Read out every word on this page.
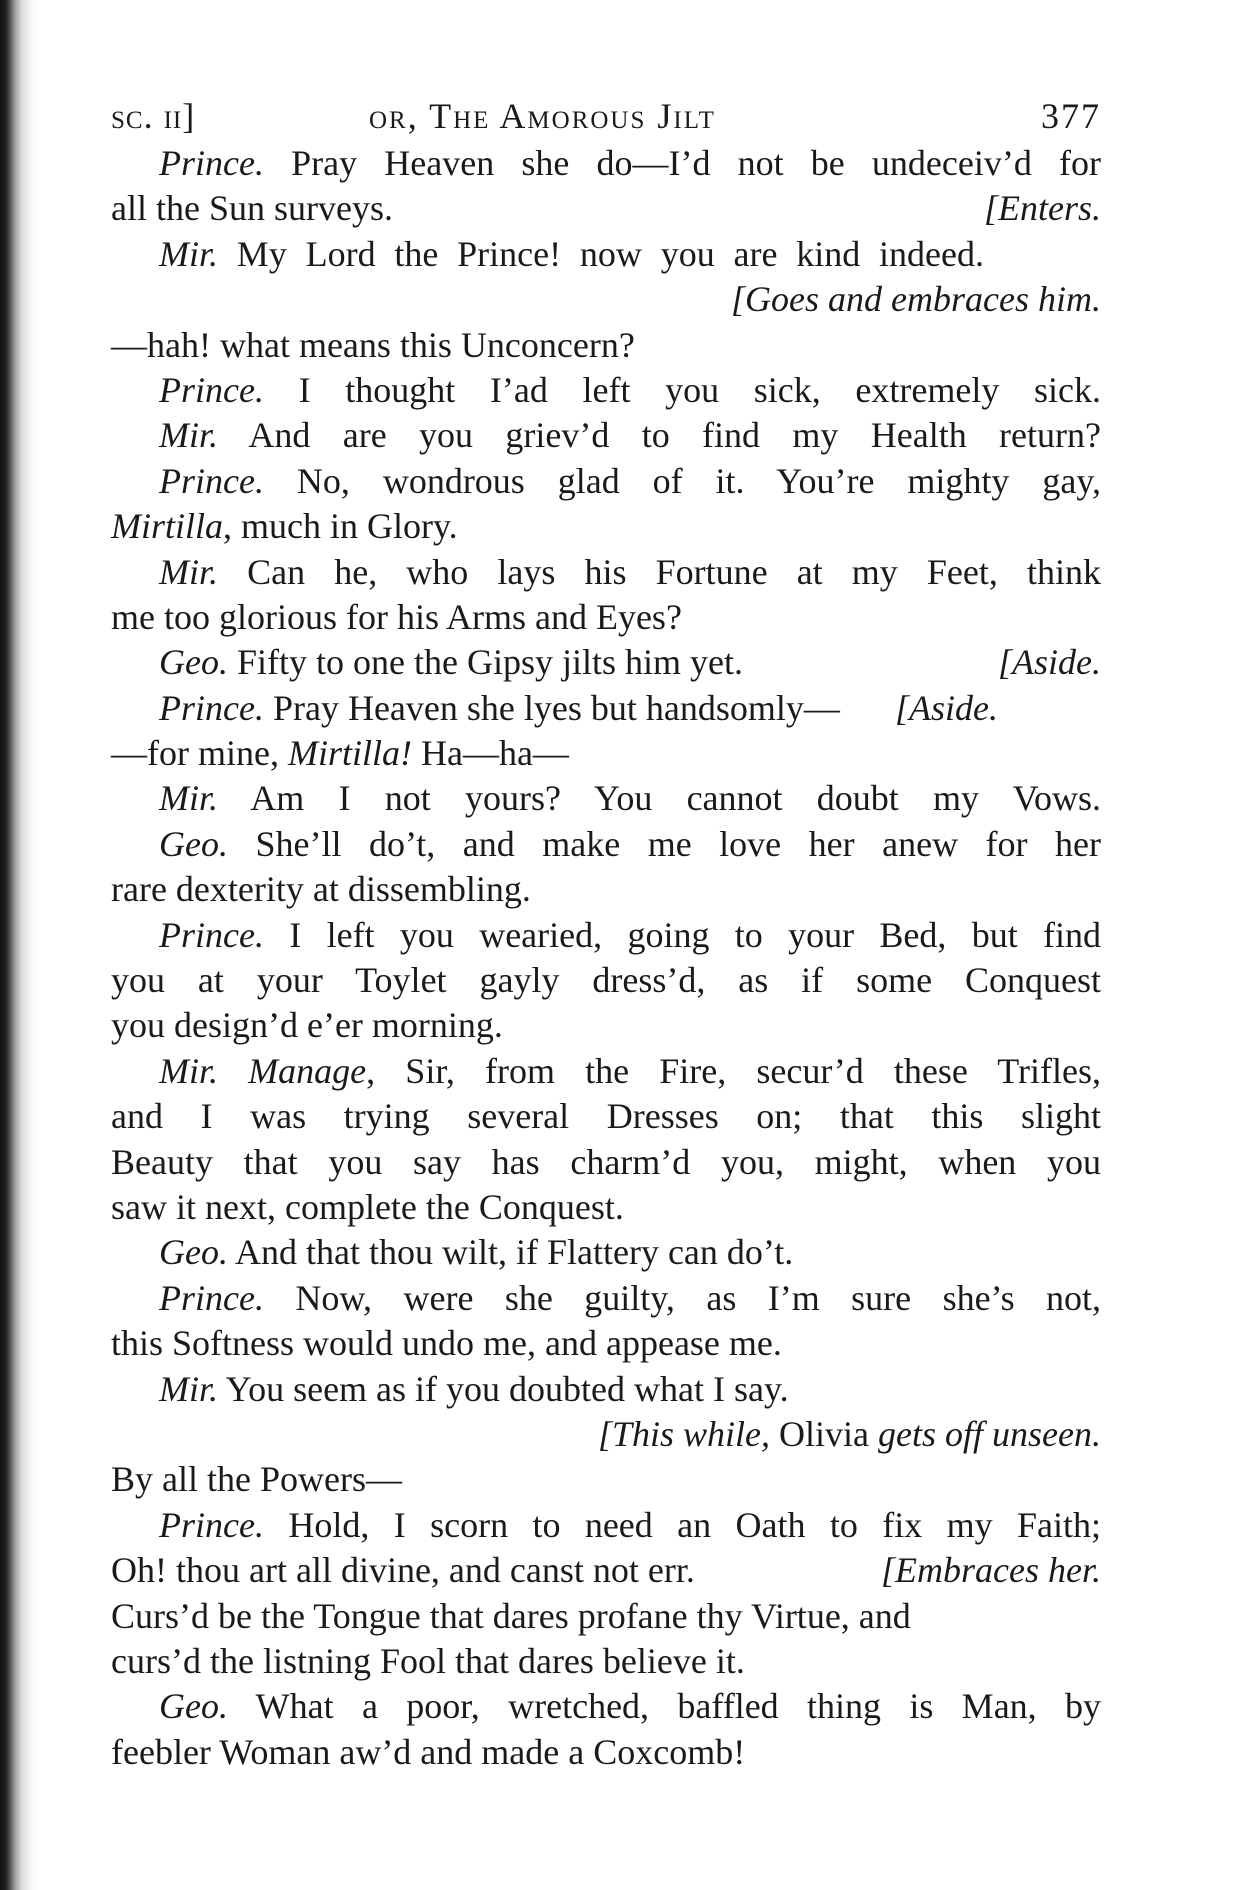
sc. ii]	or, The Amorous Jilt	377
Prince. Pray Heaven she do—I’d not be undeceiv’d for
all the Sun surveys.	[Enters.
Mir. My Lord the Prince! now you are kind indeed.
[Goes and embraces him.
—hah! what means this Unconcern?
Prince. I thought I’ad left you sick, extremely sick.
Mir. And are you griev’d to find my Health return?
Prince. No, wondrous glad of it. You’re mighty gay,
Mirtilla, much in Glory.
Mir. Can he, who lays his Fortune at my Feet, think
me too glorious for his Arms and Eyes?
Geo. Fifty to one the Gipsy jilts him yet.	[Aside.
Prince. Pray Heaven she lyes but handsomly— [Aside.
—for mine, Mirtilla! Ha—ha—
Mir. Am I not yours? You cannot doubt my Vows.
Geo. She’ll do’t, and make me love her anew for her
rare dexterity at dissembling.
Prince. I left you wearied, going to your Bed, but find
you at your Toylet gayly dress’d, as if some Conquest
you design’d e’er morning.
Mir. Manage, Sir, from the Fire, secur’d these Trifles,
and I was trying several Dresses on; that this slight
Beauty that you say has charm’d you, might, when you
saw it next, complete the Conquest.
Geo. And that thou wilt, if Flattery can do’t.
Prince. Now, were she guilty, as I’m sure she’s not,
this Softness would undo me, and appease me.
Mir. You seem as if you doubted what I say.
[This while, Olivia gets off unseen.
By all the Powers—
Prince. Hold, I scorn to need an Oath to fix my Faith;
Oh! thou art all divine, and canst not err.	[Embraces her.
Curs’d be the Tongue that dares profane thy Virtue, and
curs’d the listning Fool that dares believe it.
Geo. What a poor, wretched, baffled thing is Man, by
feebler Woman aw’d and made a Coxcomb!
